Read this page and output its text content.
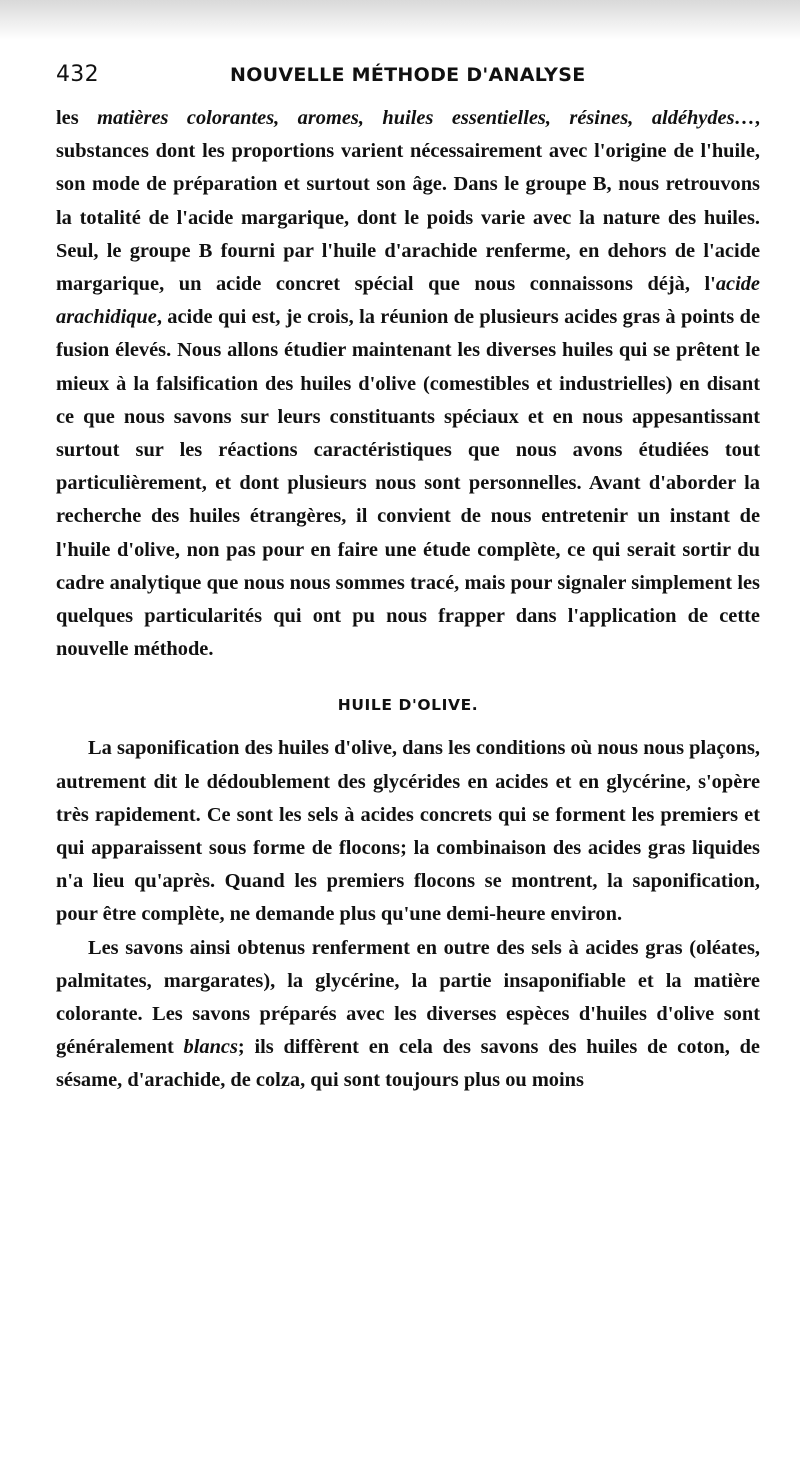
432	NOUVELLE MÉTHODE D'ANALYSE

les matières colorantes, aromes, huiles essentielles, résines, aldéhydes…, substances dont les proportions varient nécessairement avec l'origine de l'huile, son mode de préparation et surtout son âge. Dans le groupe B, nous retrouvons la totalité de l'acide margarique, dont le poids varie avec la nature des huiles. Seul, le groupe B fourni par l'huile d'arachide renferme, en dehors de l'acide margarique, un acide concret spécial que nous connaissons déjà, l'acide arachidique, acide qui est, je crois, la réunion de plusieurs acides gras à points de fusion élevés. Nous allons étudier maintenant les diverses huiles qui se prêtent le mieux à la falsification des huiles d'olive (comestibles et industrielles) en disant ce que nous savons sur leurs constituants spéciaux et en nous appesantissant surtout sur les réactions caractéristiques que nous avons étudiées tout particulièrement, et dont plusieurs nous sont personnelles. Avant d'aborder la recherche des huiles étrangères, il convient de nous entretenir un instant de l'huile d'olive, non pas pour en faire une étude complète, ce qui serait sortir du cadre analytique que nous nous sommes tracé, mais pour signaler simplement les quelques particularités qui ont pu nous frapper dans l'application de cette nouvelle méthode.

HUILE D'OLIVE.

La saponification des huiles d'olive, dans les conditions où nous nous plaçons, autrement dit le dédoublement des glycérides en acides et en glycérine, s'opère très rapidement. Ce sont les sels à acides concrets qui se forment les premiers et qui apparaissent sous forme de flocons; la combinaison des acides gras liquides n'a lieu qu'après. Quand les premiers flocons se montrent, la saponification, pour être complète, ne demande plus qu'une demi-heure environ.

Les savons ainsi obtenus renferment en outre des sels à acides gras (oléates, palmitates, margarates), la glycérine, la partie insaponifiable et la matière colorante. Les savons préparés avec les diverses espèces d'huiles d'olive sont généralement blancs; ils diffèrent en cela des savons des huiles de coton, de sésame, d'arachide, de colza, qui sont toujours plus ou moins
